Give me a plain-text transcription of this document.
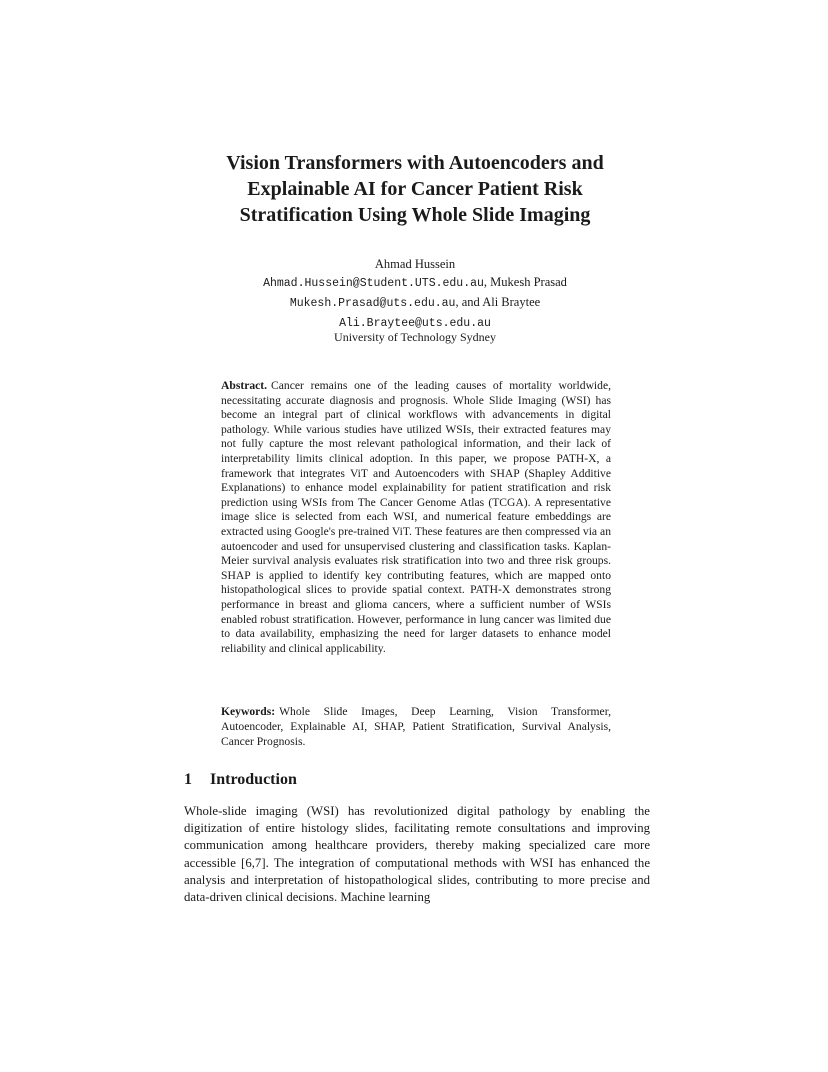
Vision Transformers with Autoencoders and
Explainable AI for Cancer Patient Risk
Stratification Using Whole Slide Imaging
Ahmad Hussein
Ahmad.Hussein@Student.UTS.edu.au, Mukesh Prasad
Mukesh.Prasad@uts.edu.au, and Ali Braytee
Ali.Braytee@uts.edu.au
University of Technology Sydney
Abstract. Cancer remains one of the leading causes of mortality worldwide, necessitating accurate diagnosis and prognosis. Whole Slide Imaging (WSI) has become an integral part of clinical workflows with advancements in digital pathology. While various studies have utilized WSIs, their extracted features may not fully capture the most relevant pathological information, and their lack of interpretability limits clinical adoption. In this paper, we propose PATH-X, a framework that integrates ViT and Autoencoders with SHAP (Shapley Additive Explanations) to enhance model explainability for patient stratification and risk prediction using WSIs from The Cancer Genome Atlas (TCGA). A representative image slice is selected from each WSI, and numerical feature embeddings are extracted using Google's pre-trained ViT. These features are then compressed via an autoencoder and used for unsupervised clustering and classification tasks. Kaplan-Meier survival analysis evaluates risk stratification into two and three risk groups. SHAP is applied to identify key contributing features, which are mapped onto histopathological slices to provide spatial context. PATH-X demonstrates strong performance in breast and glioma cancers, where a sufficient number of WSIs enabled robust stratification. However, performance in lung cancer was limited due to data availability, emphasizing the need for larger datasets to enhance model reliability and clinical applicability.
Keywords: Whole Slide Images, Deep Learning, Vision Transformer, Autoencoder, Explainable AI, SHAP, Patient Stratification, Survival Analysis, Cancer Prognosis.
1 Introduction
Whole-slide imaging (WSI) has revolutionized digital pathology by enabling the digitization of entire histology slides, facilitating remote consultations and improving communication among healthcare providers, thereby making specialized care more accessible [6,7]. The integration of computational methods with WSI has enhanced the analysis and interpretation of histopathological slides, contributing to more precise and data-driven clinical decisions. Machine learning
